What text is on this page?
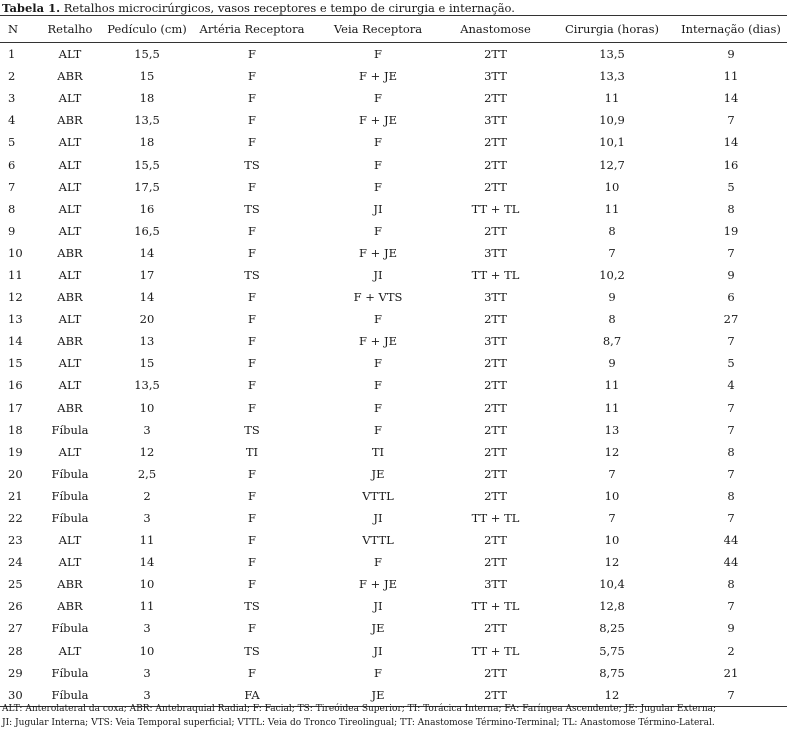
Tabela 1. Retalhos microcirúrgicos, vasos receptores e tempo de cirurgia e internação.
N	Retalho	Pedículo (cm)	Artéria Receptora	Veia Receptora	Anastomose	Cirurgia (horas)	Internação (dias)
1	ALT	15,5	F	F	2TT	13,5	9
2	ABR	15	F	F + JE	3TT	13,3	11
3	ALT	18	F	F	2TT	11	14
4	ABR	13,5	F	F + JE	3TT	10,9	7
5	ALT	18	F	F	2TT	10,1	14
6	ALT	15,5	TS	F	2TT	12,7	16
7	ALT	17,5	F	F	2TT	10	5
8	ALT	16	TS	JI	TT + TL	11	8
9	ALT	16,5	F	F	2TT	8	19
10	ABR	14	F	F + JE	3TT	7	7
11	ALT	17	TS	JI	TT + TL	10,2	9
12	ABR	14	F	F + VTS	3TT	9	6
13	ALT	20	F	F	2TT	8	27
14	ABR	13	F	F + JE	3TT	8,7	7
15	ALT	15	F	F	2TT	9	5
16	ALT	13,5	F	F	2TT	11	4
17	ABR	10	F	F	2TT	11	7
18	Fíbula	3	TS	F	2TT	13	7
19	ALT	12	TI	TI	2TT	12	8
20	Fíbula	2,5	F	JE	2TT	7	7
21	Fíbula	2	F	VTTL	2TT	10	8
22	Fíbula	3	F	JI	TT + TL	7	7
23	ALT	11	F	VTTL	2TT	10	44
24	ALT	14	F	F	2TT	12	44
25	ABR	10	F	F + JE	3TT	10,4	8
26	ABR	11	TS	JI	TT + TL	12,8	7
27	Fíbula	3	F	JE	2TT	8,25	9
28	ALT	10	TS	JI	TT + TL	5,75	2
29	Fíbula	3	F	F	2TT	8,75	21
30	Fíbula	3	FA	JE	2TT	12	7
ALT: Anterolateral da coxa; ABR: Antebraquial Radial; F: Facial; TS: Tireóidea Superior; TI: Torácica Interna; FA: Faríngea Ascendente; JE: Jugular Externa;
JI: Jugular Interna; VTS: Veia Temporal superficial; VTTL: Veia do Tronco Tireolingual; TT: Anastomose Término-Terminal; TL: Anastomose Término-Lateral.
